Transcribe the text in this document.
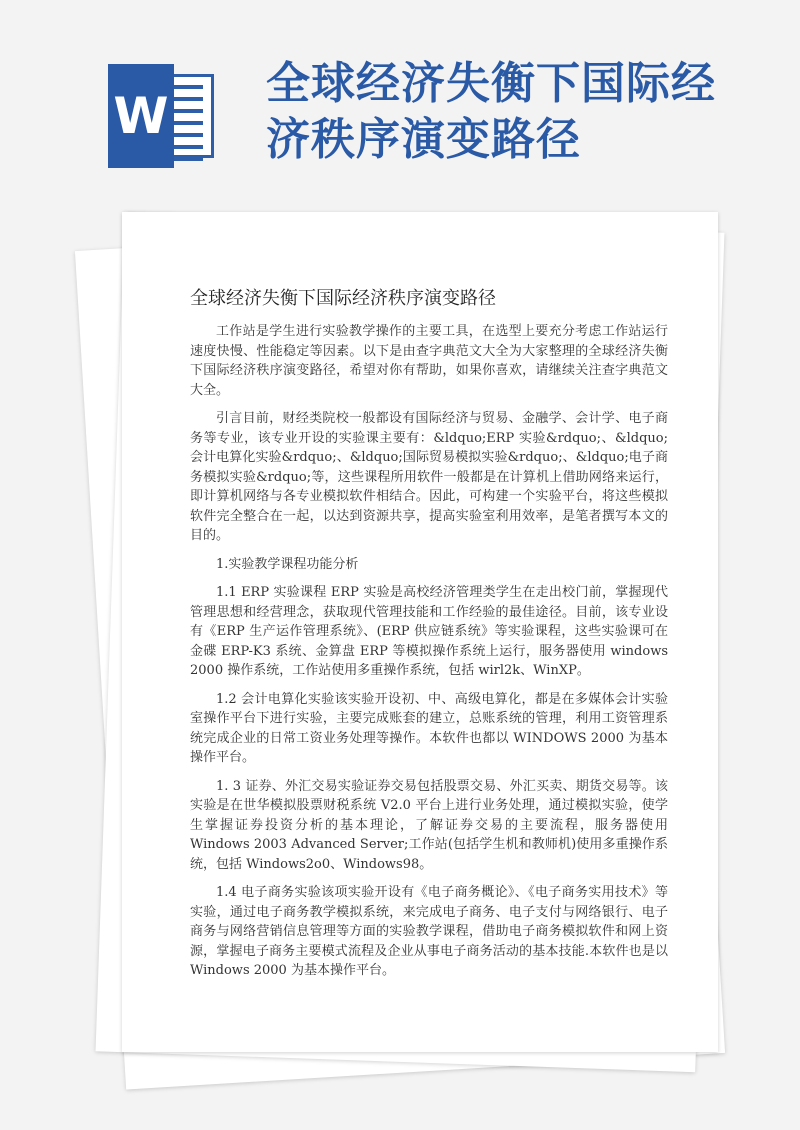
W
全球经济失衡下国际经
济秩序演变路径
全球经济失衡下国际经济秩序演变路径

工作站是学生进行实验教学操作的主要工具，在选型上要充分考虑工作站运行速度快慢、性能稳定等因素。以下是由查字典范文大全为大家整理的全球经济失衡下国际经济秩序演变路径，希望对你有帮助，如果你喜欢，请继续关注查字典范文大全。

引言目前，财经类院校一般都设有国际经济与贸易、金融学、会计学、电子商务等专业，该专业开设的实验课主要有：&ldquo;ERP 实验&rdquo;、&ldquo;会计电算化实验&rdquo;、&ldquo;国际贸易模拟实验&rdquo;、&ldquo;电子商务模拟实验&rdquo;等，这些课程所用软件一般都是在计算机上借助网络来运行，即计算机网络与各专业模拟软件相结合。因此，可构建一个实验平台，将这些模拟软件完全整合在一起，以达到资源共享，提高实验室利用效率，是笔者撰写本文的目的。

1.实验教学课程功能分析

1.1 ERP 实验课程 ERP 实验是高校经济管理类学生在走出校门前，掌握现代管理思想和经营理念，获取现代管理技能和工作经验的最佳途径。目前，该专业设有《ERP 生产运作管理系统》、(ERP 供应链系统》等实验课程，这些实验课可在金碟 ERP-K3 系统、金算盘 ERP 等模拟操作系统上运行，服务器使用 windows 2000 操作系统，工作站使用多重操作系统，包括 wirl2k、WinXP。

1.2 会计电算化实验该实验开设初、中、高级电算化，都是在多媒体会计实验室操作平台下进行实验，主要完成账套的建立，总账系统的管理，利用工资管理系统完成企业的日常工资业务处理等操作。本软件也都以 WINDOWS 2000 为基本操作平台。

1. 3 证券、外汇交易实验证券交易包括股票交易、外汇买卖、期货交易等。该实验是在世华模拟股票财税系统 V2.0 平台上进行业务处理，通过模拟实验，使学生掌握证券投资分析的基本理论，了解证券交易的主要流程，服务器使用 Windows 2003 Advanced Server;工作站(包括学生机和教师机)使用多重操作系统，包括 Windows2o0、Windows98。

1.4 电子商务实验该项实验开设有《电子商务概论》、《电子商务实用技术》等实验，通过电子商务教学模拟系统，来完成电子商务、电子支付与网络银行、电子商务与网络营销信息管理等方面的实验教学课程，借助电子商务模拟软件和网上资源，掌握电子商务主要模式流程及企业从事电子商务活动的基本技能.本软件也是以 Windows 2000 为基本操作平台。
